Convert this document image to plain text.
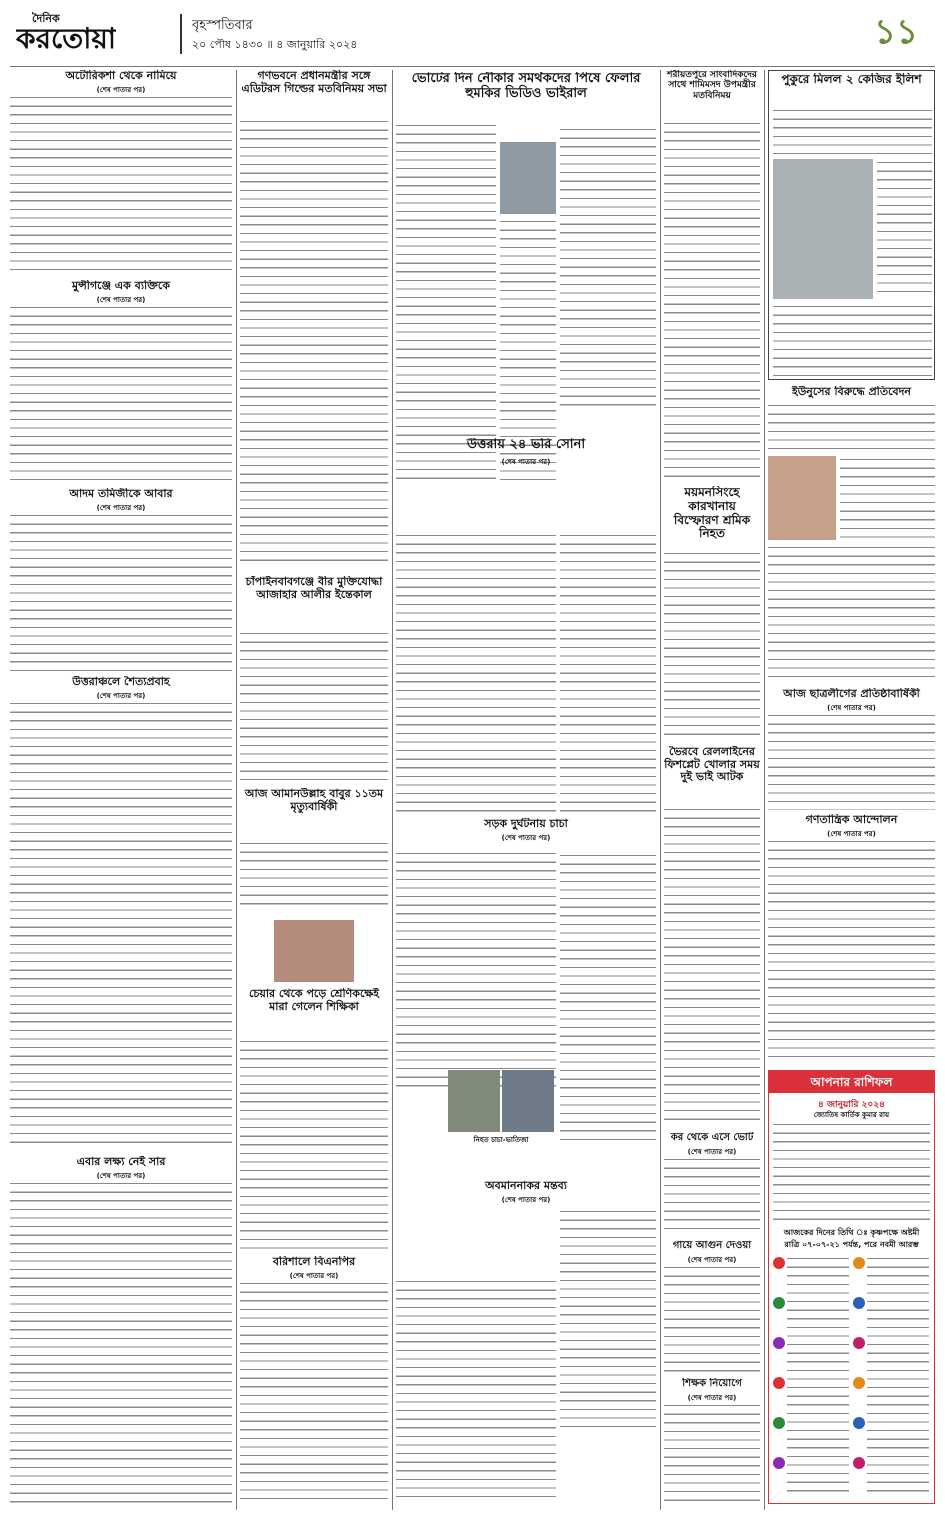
দৈনিক
করতোয়া	বৃহস্পতিবার
২০ পৌষ ১৪৩০ ॥ ৪ জানুয়ারি ২০২৪	১১
অটোরিকশা থেকে নামিয়ে
(শেষ পাতার পর)
মুন্সীগঞ্জে এক ব্যক্তিকে
(শেষ পাতার পর)
আদম তমিজীকে আবার
(শেষ পাতার পর)
উত্তরাঞ্চলে শৈত্যপ্রবাহ
(শেষ পাতার পর)
এবার লক্ষ্য নেই সার
(শেষ পাতার পর)
গণভবনে প্রধানমন্ত্রীর সঙ্গে এডিটরস গিল্ডের মতবিনিময় সভা
চাঁপাইনবাবগঞ্জে বীর মুক্তিযোদ্ধা আজাহার আলীর ইন্তেকাল
আজ আমানউল্লাহ বাবুর ১১তম মৃত্যুবার্ষিকী
চেয়ার থেকে পড়ে শ্রেণিকক্ষেই মারা গেলেন শিক্ষিকা
বরিশালে বিএনপির
(শেষ পাতার পর)
ভোটের দিন নৌকার সমর্থকদের পিষে ফেলার হুমকির ভিডিও ভাইরাল
উত্তরায় ২৪ ভরি সোনা
(শেষ পাতার পর)
সড়ক দুর্ঘটনায় চাচা
(শেষ পাতার পর)
নিহত চাচা-ভাতিজা
অবমাননাকর মন্তব্য
(শেষ পাতার পর)
শরীয়তপুরে সাংবাদিকদের সাথে শামিমসদ উপমন্ত্রীর মতবিনিময়
ময়মনসিংহে কারখানায় বিস্ফোরণ শ্রমিক নিহত
ভৈরবে রেললাইনের ফিশপ্লেট খোলার সময় দুই ভাই আটক
কর থেকে এসে ভোট
(শেষ পাতার পর)
গায়ে আগুন দেওয়া
(শেষ পাতার পর)
শিক্ষক নিয়োগে
(শেষ পাতার পর)
পুকুরে মিলল ২ কেজির ইলিশ
ইউনুসের বিরুদ্ধে প্রতিবেদন
আজ ছাত্রলীগের প্রতিষ্ঠাবার্ষিকী
(শেষ পাতার পর)
গণতান্ত্রিক আন্দোলন
(শেষ পাতার পর)
আপনার রাশিফল
৪ জানুয়ারি ২০২৪
জ্যোতিষ কার্তিক কুমার রায়
আজকের দিনের তিথি ঃ কৃষ্ণপক্ষে অষ্টমী
রাত্রি ০৭-০৭-২১ পর্যন্ত, পরে নবমী আরম্ভ
